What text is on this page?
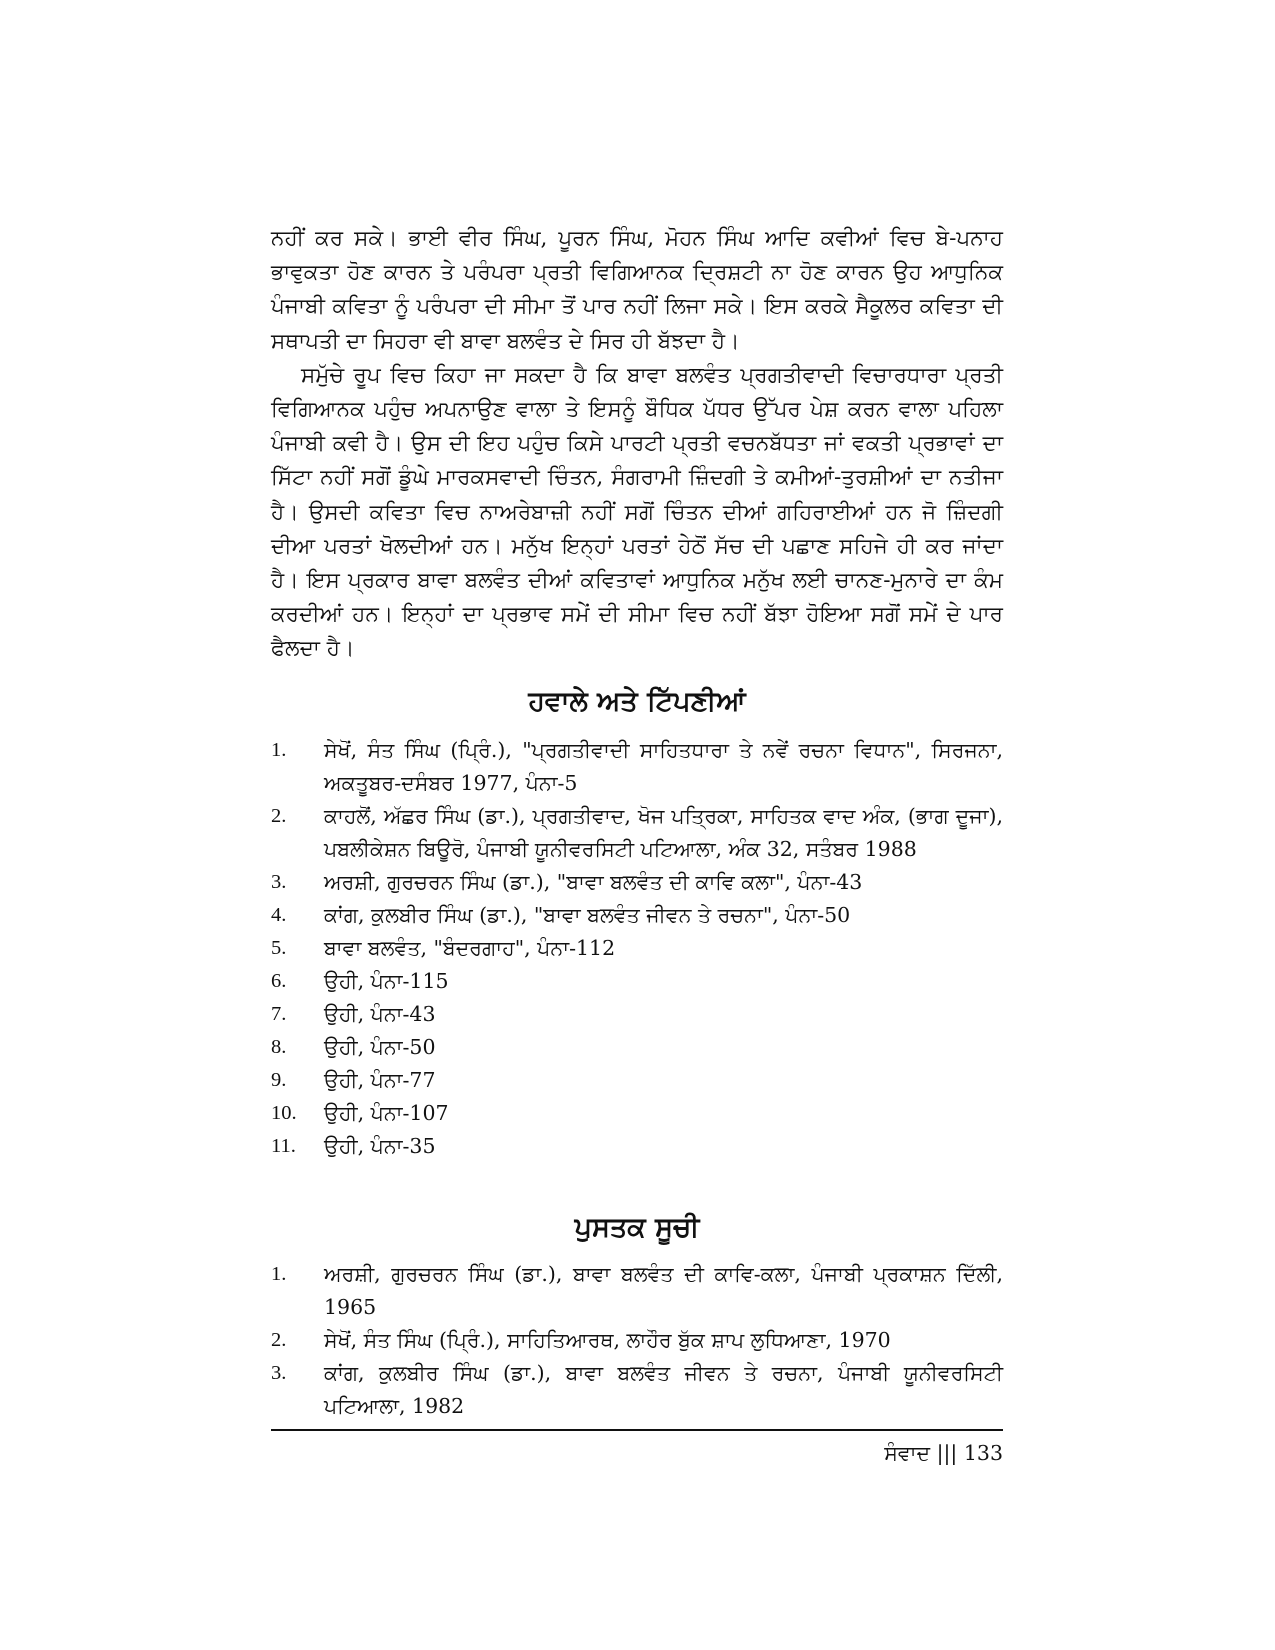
ਨਹੀਂ ਕਰ ਸਕੇ। ਭਾਈ ਵੀਰ ਸਿੰਘ, ਪੂਰਨ ਸਿੰਘ, ਮੋਹਨ ਸਿੰਘ ਆਦਿ ਕਵੀਆਂ ਵਿਚ ਬੇ-ਪਨਾਹ ਭਾਵੁਕਤਾ ਹੋਣ ਕਾਰਨ ਤੇ ਪਰੰਪਰਾ ਪ੍ਰਤੀ ਵਿਗਿਆਨਕ ਦ੍ਰਿਸ਼ਟੀ ਨਾ ਹੋਣ ਕਾਰਨ ਉਹ ਆਧੁਨਿਕ ਪੰਜਾਬੀ ਕਵਿਤਾ ਨੂੰ ਪਰੰਪਰਾ ਦੀ ਸੀਮਾ ਤੋਂ ਪਾਰ ਨਹੀਂ ਲਿਜਾ ਸਕੇ। ਇਸ ਕਰਕੇ ਸੈਕੂਲਰ ਕਵਿਤਾ ਦੀ ਸਥਾਪਤੀ ਦਾ ਸਿਹਰਾ ਵੀ ਬਾਵਾ ਬਲਵੰਤ ਦੇ ਸਿਰ ਹੀ ਬੱਝਦਾ ਹੈ।

ਸਮੁੱਚੇ ਰੂਪ ਵਿਚ ਕਿਹਾ ਜਾ ਸਕਦਾ ਹੈ ਕਿ ਬਾਵਾ ਬਲਵੰਤ ਪ੍ਰਗਤੀਵਾਦੀ ਵਿਚਾਰਧਾਰਾ ਪ੍ਰਤੀ ਵਿਗਿਆਨਕ ਪਹੁੰਚ ਅਪਨਾਉਣ ਵਾਲਾ ਤੇ ਇਸਨੂੰ ਬੌਧਿਕ ਪੱਧਰ ਉੱਪਰ ਪੇਸ਼ ਕਰਨ ਵਾਲਾ ਪਹਿਲਾ ਪੰਜਾਬੀ ਕਵੀ ਹੈ। ਉਸ ਦੀ ਇਹ ਪਹੁੰਚ ਕਿਸੇ ਪਾਰਟੀ ਪ੍ਰਤੀ ਵਚਨਬੱਧਤਾ ਜਾਂ ਵਕਤੀ ਪ੍ਰਭਾਵਾਂ ਦਾ ਸਿੱਟਾ ਨਹੀਂ ਸਗੋਂ ਡੂੰਘੇ ਮਾਰਕਸਵਾਦੀ ਚਿੰਤਨ, ਸੰਗਰਾਮੀ ਜ਼ਿੰਦਗੀ ਤੇ ਕਮੀਆਂ-ਤੁਰਸ਼ੀਆਂ ਦਾ ਨਤੀਜਾ ਹੈ। ਉਸਦੀ ਕਵਿਤਾ ਵਿਚ ਨਾਅਰੇਬਾਜ਼ੀ ਨਹੀਂ ਸਗੋਂ ਚਿੰਤਨ ਦੀਆਂ ਗਹਿਰਾਈਆਂ ਹਨ ਜੋ ਜ਼ਿੰਦਗੀ ਦੀਆ ਪਰਤਾਂ ਖੋਲਦੀਆਂ ਹਨ। ਮਨੁੱਖ ਇਨ੍ਹਾਂ ਪਰਤਾਂ ਹੇਠੋਂ ਸੱਚ ਦੀ ਪਛਾਣ ਸਹਿਜੇ ਹੀ ਕਰ ਜਾਂਦਾ ਹੈ। ਇਸ ਪ੍ਰਕਾਰ ਬਾਵਾ ਬਲਵੰਤ ਦੀਆਂ ਕਵਿਤਾਵਾਂ ਆਧੁਨਿਕ ਮਨੁੱਖ ਲਈ ਚਾਨਣ-ਮੁਨਾਰੇ ਦਾ ਕੰਮ ਕਰਦੀਆਂ ਹਨ। ਇਨ੍ਹਾਂ ਦਾ ਪ੍ਰਭਾਵ ਸਮੇਂ ਦੀ ਸੀਮਾ ਵਿਚ ਨਹੀਂ ਬੱਝਾ ਹੋਇਆ ਸਗੋਂ ਸਮੇਂ ਦੇ ਪਾਰ ਫੈਲਦਾ ਹੈ।

ਹਵਾਲੇ ਅਤੇ ਟਿੱਪਣੀਆਂ
1. ਸੇਖੋਂ, ਸੰਤ ਸਿੰਘ (ਪ੍ਰਿੰ.), "ਪ੍ਰਗਤੀਵਾਦੀ ਸਾਹਿਤਧਾਰਾ ਤੇ ਨਵੇਂ ਰਚਨਾ ਵਿਧਾਨ", ਸਿਰਜਨਾ, ਅਕਤੂਬਰ-ਦਸੰਬਰ 1977, ਪੰਨਾ-5
2. ਕਾਹਲੋਂ, ਅੱਛਰ ਸਿੰਘ (ਡਾ.), ਪ੍ਰਗਤੀਵਾਦ, ਖੋਜ ਪਤ੍ਰਿਕਾ, ਸਾਹਿਤਕ ਵਾਦ ਅੰਕ, (ਭਾਗ ਦੂਜਾ), ਪਬਲੀਕੇਸ਼ਨ ਬਿਊਰੋ, ਪੰਜਾਬੀ ਯੂਨੀਵਰਸਿਟੀ ਪਟਿਆਲਾ, ਅੰਕ 32, ਸਤੰਬਰ 1988
3. ਅਰਸ਼ੀ, ਗੁਰਚਰਨ ਸਿੰਘ (ਡਾ.), "ਬਾਵਾ ਬਲਵੰਤ ਦੀ ਕਾਵਿ ਕਲਾ", ਪੰਨਾ-43
4. ਕਾਂਗ, ਕੁਲਬੀਰ ਸਿੰਘ (ਡਾ.), "ਬਾਵਾ ਬਲਵੰਤ ਜੀਵਨ ਤੇ ਰਚਨਾ", ਪੰਨਾ-50
5. ਬਾਵਾ ਬਲਵੰਤ, "ਬੰਦਰਗਾਹ", ਪੰਨਾ-112
6. ਉਹੀ, ਪੰਨਾ-115
7. ਉਹੀ, ਪੰਨਾ-43
8. ਉਹੀ, ਪੰਨਾ-50
9. ਉਹੀ, ਪੰਨਾ-77
10. ਉਹੀ, ਪੰਨਾ-107
11. ਉਹੀ, ਪੰਨਾ-35
ਪੁਸਤਕ ਸੂਚੀ
1. ਅਰਸ਼ੀ, ਗੁਰਚਰਨ ਸਿੰਘ (ਡਾ.), ਬਾਵਾ ਬਲਵੰਤ ਦੀ ਕਾਵਿ-ਕਲਾ, ਪੰਜਾਬੀ ਪ੍ਰਕਾਸ਼ਨ ਦਿੱਲੀ, 1965
2. ਸੇਖੋਂ, ਸੰਤ ਸਿੰਘ (ਪ੍ਰਿੰ.), ਸਾਹਿਤਿਆਰਥ, ਲਾਹੌਰ ਬੁੱਕ ਸ਼ਾਪ ਲੁਧਿਆਣਾ, 1970
3. ਕਾਂਗ, ਕੁਲਬੀਰ ਸਿੰਘ (ਡਾ.), ਬਾਵਾ ਬਲਵੰਤ ਜੀਵਨ ਤੇ ਰਚਨਾ, ਪੰਜਾਬੀ ਯੂਨੀਵਰਸਿਟੀ ਪਟਿਆਲਾ, 1982
ਸੰਵਾਦ ||| 133
